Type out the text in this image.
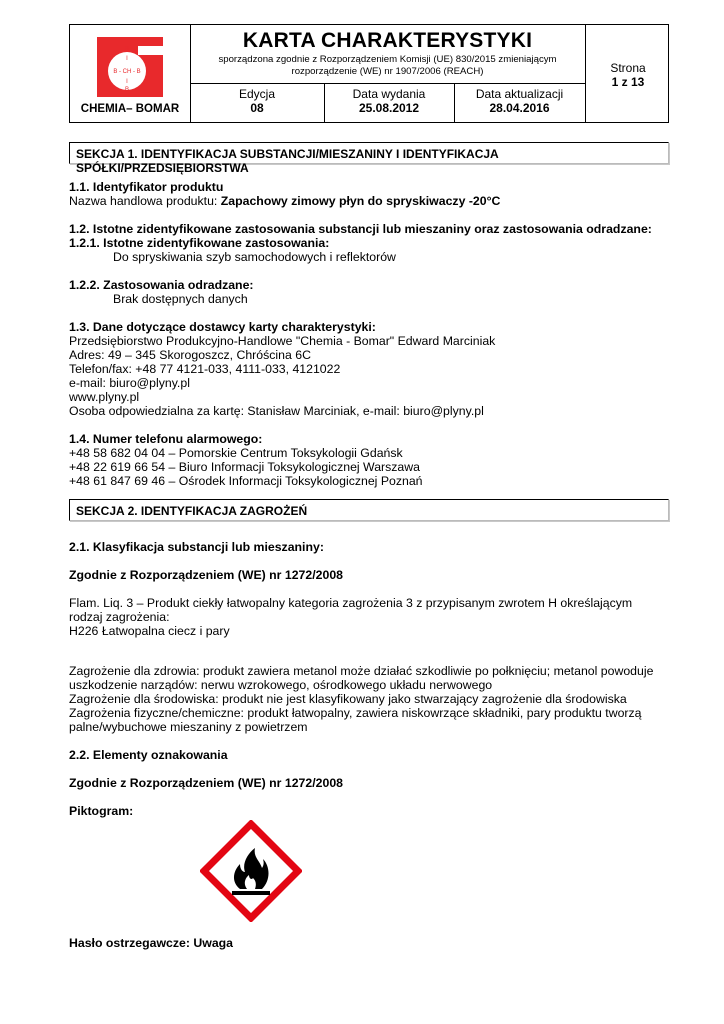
B
I
B - CH - B
I
B
CHEMIA– BOMAR
KARTA CHARAKTERYSTYKI
sporządzona zgodnie z Rozporządzeniem Komisji (UE) 830/2015 zmieniającym
rozporządzenie (WE) nr 1907/2006 (REACH)
Edycja
08
Data wydania
25.08.2012
Data aktualizacji
28.04.2016
Strona
1 z 13
SEKCJA 1. IDENTYFIKACJA SUBSTANCJI/MIESZANINY I IDENTYFIKACJA SPÓŁKI/PRZEDSIĘBIORSTWA
1.1. Identyfikator produktu
Nazwa handlowa produktu: Zapachowy zimowy płyn do spryskiwaczy -20°C
1.2. Istotne zidentyfikowane zastosowania substancji lub mieszaniny oraz zastosowania odradzane:
1.2.1. Istotne zidentyfikowane zastosowania:
Do spryskiwania szyb samochodowych i reflektorów
1.2.2. Zastosowania odradzane:
Brak dostępnych danych
1.3. Dane dotyczące dostawcy karty charakterystyki:
Przedsiębiorstwo Produkcyjno-Handlowe "Chemia - Bomar" Edward Marciniak
Adres: 49 – 345 Skorogoszcz, Chróścina 6C
Telefon/fax: +48 77 4121-033, 4111-033, 4121022
e-mail: biuro@plyny.pl
www.plyny.pl
Osoba odpowiedzialna za kartę: Stanisław Marciniak, e-mail: biuro@plyny.pl
1.4. Numer telefonu alarmowego:
+48 58 682 04 04 – Pomorskie Centrum Toksykologii Gdańsk
+48 22 619 66 54 – Biuro Informacji Toksykologicznej Warszawa
+48 61 847 69 46 – Ośrodek Informacji Toksykologicznej Poznań
SEKCJA 2. IDENTYFIKACJA ZAGROŻEŃ
2.1. Klasyfikacja substancji lub mieszaniny:
Zgodnie z Rozporządzeniem (WE) nr 1272/2008
Flam. Liq. 3 – Produkt ciekły łatwopalny kategoria zagrożenia 3 z przypisanym zwrotem H określającym
rodzaj zagrożenia:
H226 Łatwopalna ciecz i pary
Zagrożenie dla zdrowia: produkt zawiera metanol może działać szkodliwie po połknięciu; metanol powoduje
uszkodzenie narządów: nerwu wzrokowego, ośrodkowego układu nerwowego
Zagrożenie dla środowiska: produkt nie jest klasyfikowany jako stwarzający zagrożenie dla środowiska
Zagrożenia fizyczne/chemiczne: produkt łatwopalny, zawiera niskowrzące składniki, pary produktu tworzą
palne/wybuchowe mieszaniny z powietrzem
2.2. Elementy oznakowania
Zgodnie z Rozporządzeniem (WE) nr 1272/2008
Piktogram:
Hasło ostrzegawcze: Uwaga
